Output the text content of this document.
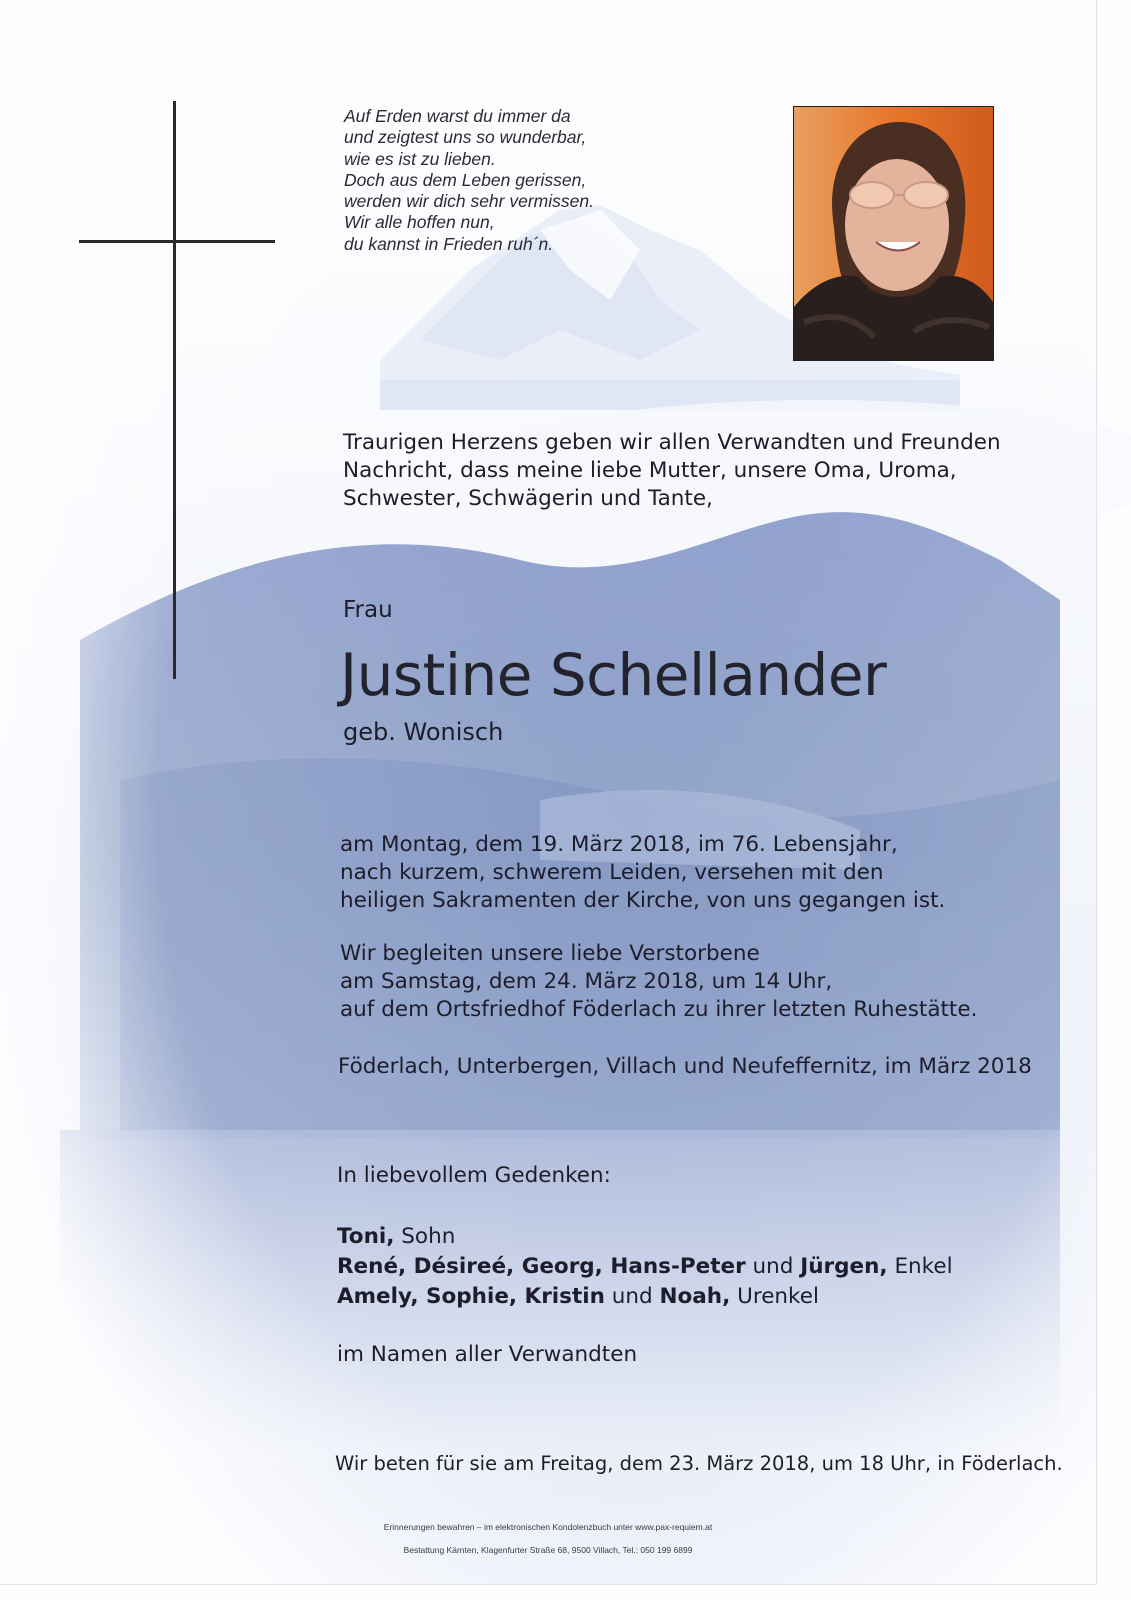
Auf Erden warst du immer da
und zeigtest uns so wunderbar,
wie es ist zu lieben.
Doch aus dem Leben gerissen,
werden wir dich sehr vermissen.
Wir alle hoffen nun,
du kannst in Frieden ruh´n.
Traurigen Herzens geben wir allen Verwandten und Freunden
Nachricht, dass meine liebe Mutter, unsere Oma, Uroma,
Schwester, Schwägerin und Tante,
Frau
Justine Schellander
geb. Wonisch
am Montag, dem 19. März 2018, im 76. Lebensjahr,
nach kurzem, schwerem Leiden, versehen mit den
heiligen Sakramenten der Kirche, von uns gegangen ist.
Wir begleiten unsere liebe Verstorbene
am Samstag, dem 24. März 2018, um 14 Uhr,
auf dem Ortsfriedhof Föderlach zu ihrer letzten Ruhestätte.
Föderlach, Unterbergen, Villach und Neufeffernitz, im März 2018
In liebevollem Gedenken:
Toni, Sohn
René, Désireé, Georg, Hans-Peter und Jürgen, Enkel
Amely, Sophie, Kristin und Noah, Urenkel
im Namen aller Verwandten
Wir beten für sie am Freitag, dem 23. März 2018, um 18 Uhr, in Föderlach.
Erinnerungen bewahren – im elektronischen Kondolenzbuch unter www.pax-requiem.at
Bestattung Kärnten, Klagenfurter Straße 68, 9500 Villach, Tel.: 050 199 6899
